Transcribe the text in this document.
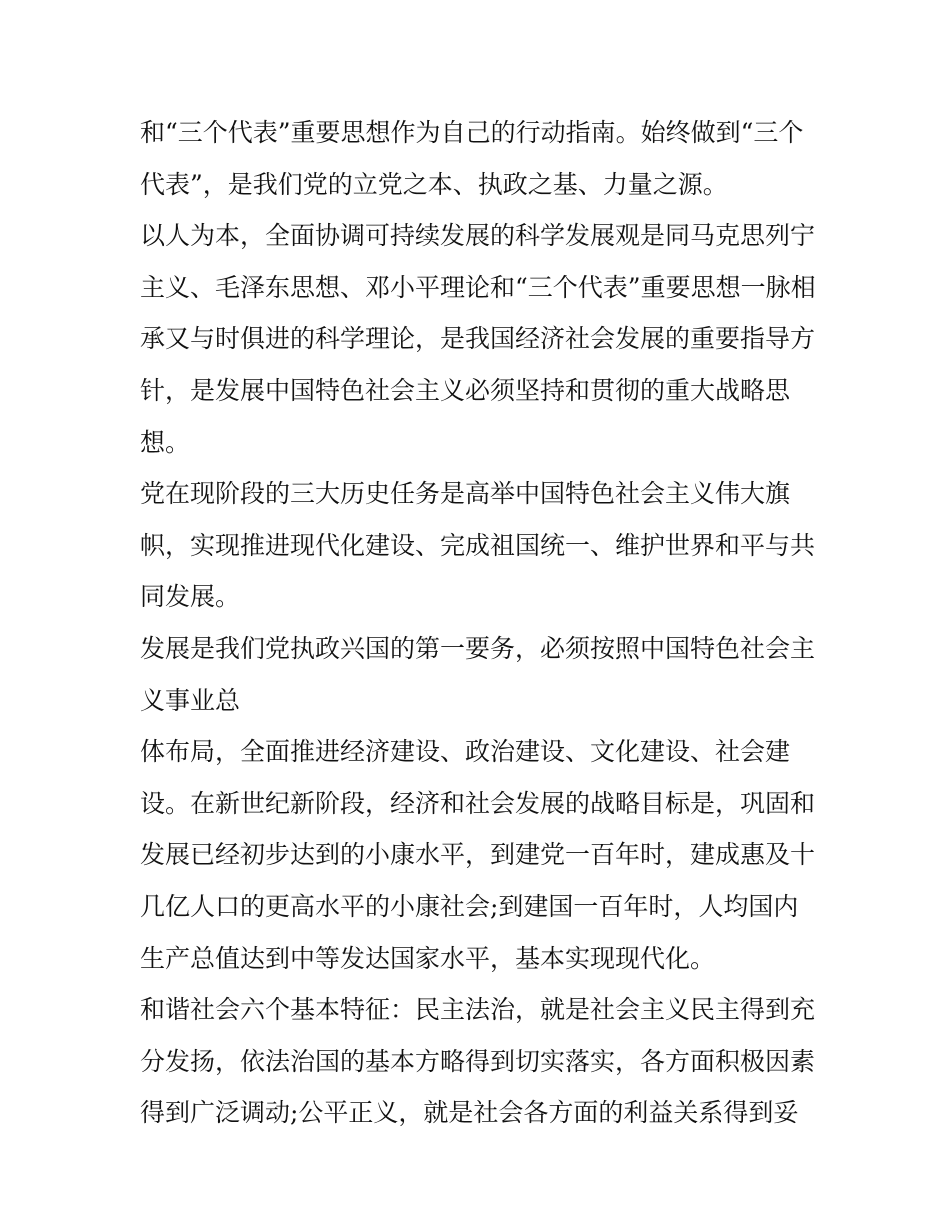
和“三个代表”重要思想作为自己的行动指南。始终做到“三个
代表”，是我们党的立党之本、执政之基、力量之源。
以人为本，全面协调可持续发展的科学发展观是同马克思列宁
主义、毛泽东思想、邓小平理论和“三个代表”重要思想一脉相
承又与时俱进的科学理论，是我国经济社会发展的重要指导方
针，是发展中国特色社会主义必须坚持和贯彻的重大战略思
想。
党在现阶段的三大历史任务是高举中国特色社会主义伟大旗
帜，实现推进现代化建设、完成祖国统一、维护世界和平与共
同发展。
发展是我们党执政兴国的第一要务，必须按照中国特色社会主
义事业总
体布局，全面推进经济建设、政治建设、文化建设、社会建
设。在新世纪新阶段，经济和社会发展的战略目标是，巩固和
发展已经初步达到的小康水平，到建党一百年时，建成惠及十
几亿人口的更高水平的小康社会;到建国一百年时，人均国内
生产总值达到中等发达国家水平，基本实现现代化。
和谐社会六个基本特征：民主法治，就是社会主义民主得到充
分发扬，依法治国的基本方略得到切实落实，各方面积极因素
得到广泛调动;公平正义，就是社会各方面的利益关系得到妥
